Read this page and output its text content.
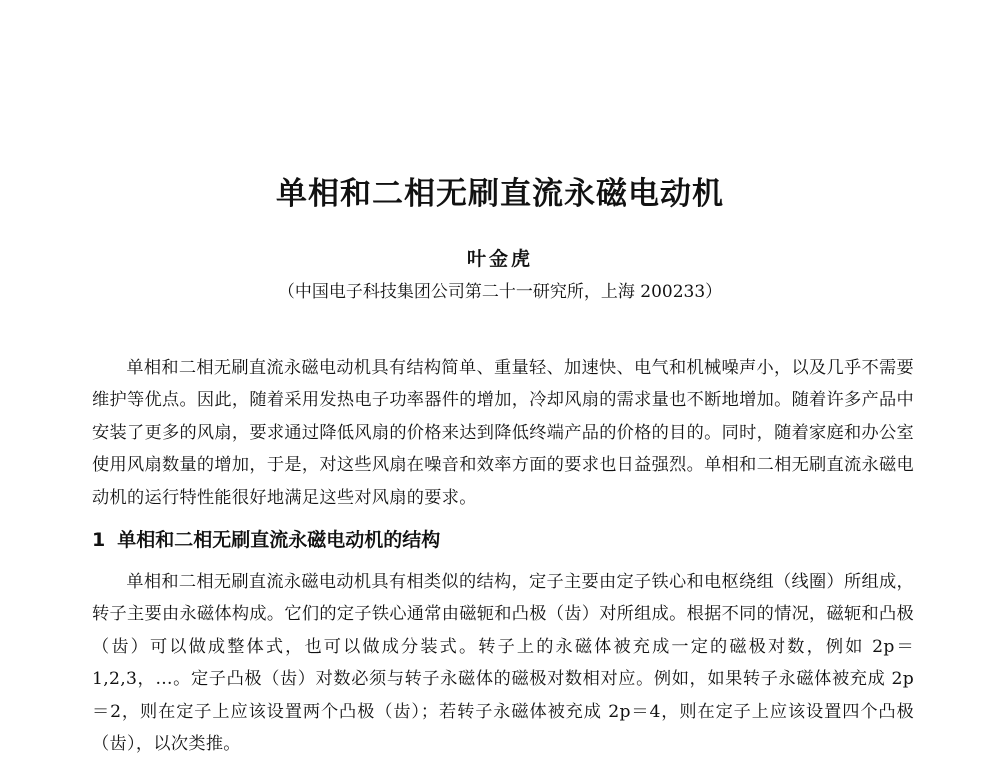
单相和二相无刷直流永磁电动机
叶金虎
（中国电子科技集团公司第二十一研究所，上海 200233）

单相和二相无刷直流永磁电动机具有结构简单、重量轻、加速快、电气和机械噪声小，以及几乎不需要维护等优点。因此，随着采用发热电子功率器件的增加，冷却风扇的需求量也不断地增加。随着许多产品中安装了更多的风扇，要求通过降低风扇的价格来达到降低终端产品的价格的目的。同时，随着家庭和办公室使用风扇数量的增加，于是，对这些风扇在噪音和效率方面的要求也日益强烈。单相和二相无刷直流永磁电动机的运行特性能很好地满足这些对风扇的要求。

1 单相和二相无刷直流永磁电动机的结构

单相和二相无刷直流永磁电动机具有相类似的结构，定子主要由定子铁心和电枢绕组（线圈）所组成，转子主要由永磁体构成。它们的定子铁心通常由磁轭和凸极（齿）对所组成。根据不同的情况，磁轭和凸极（齿）可以做成整体式，也可以做成分装式。转子上的永磁体被充成一定的磁极对数，例如 2p＝1,2,3，…。定子凸极（齿）对数必须与转子永磁体的磁极对数相对应。例如，如果转子永磁体被充成 2p＝2，则在定子上应该设置两个凸极（齿）；若转子永磁体被充成 2p＝4，则在定子上应该设置四个凸极（齿），以次类推。
